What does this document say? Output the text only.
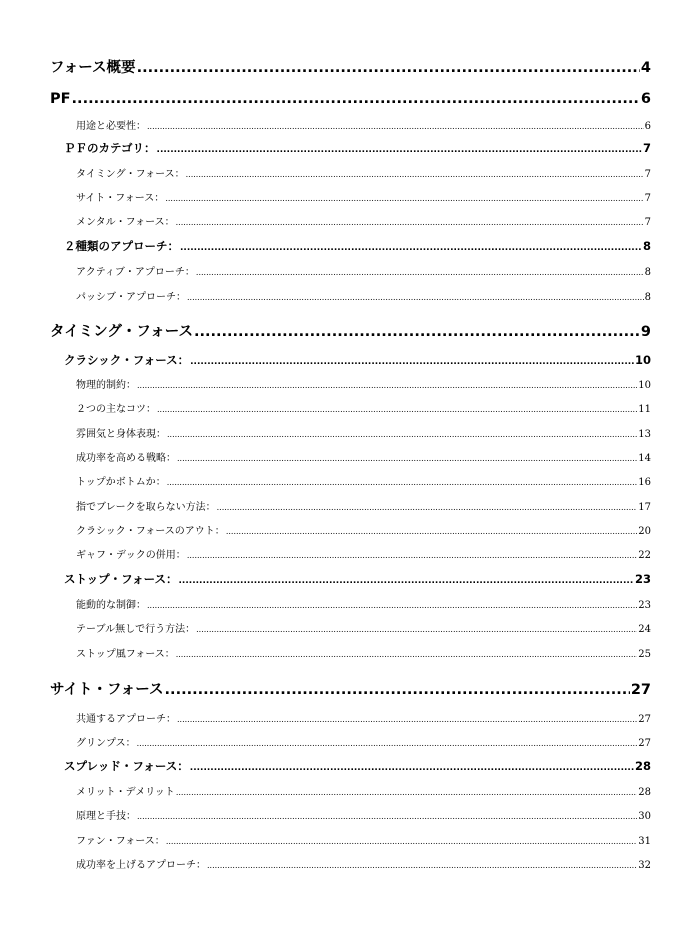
フォース概要 .....	4
PF .....	6
用途と必要性： .....	6
ＰＦのカテゴリ： .....	7
タイミング・フォース： .....	7
サイト・フォース： .....	7
メンタル・フォース： .....	7
２種類のアプローチ： .....	8
アクティブ・アプローチ： .....	8
パッシブ・アプローチ： .....	8
タイミング・フォース .....	9
クラシック・フォース： .....	10
物理的制約： .....	10
２つの主なコツ： .....	11
雰囲気と身体表現： .....	13
成功率を高める戦略： .....	14
トップかボトムか： .....	16
指でブレークを取らない方法： .....	17
クラシック・フォースのアウト： .....	20
ギャフ・デックの併用： .....	22
ストップ・フォース： .....	23
能動的な制御： .....	23
テーブル無しで行う方法： .....	24
ストップ風フォース： .....	25
サイト・フォース .....	27
共通するアプローチ： .....	27
グリンプス： .....	27
スプレッド・フォース： .....	28
メリット・デメリット .....	28
原理と手技： .....	30
ファン・フォース： .....	31
成功率を上げるアプローチ： .....	32
